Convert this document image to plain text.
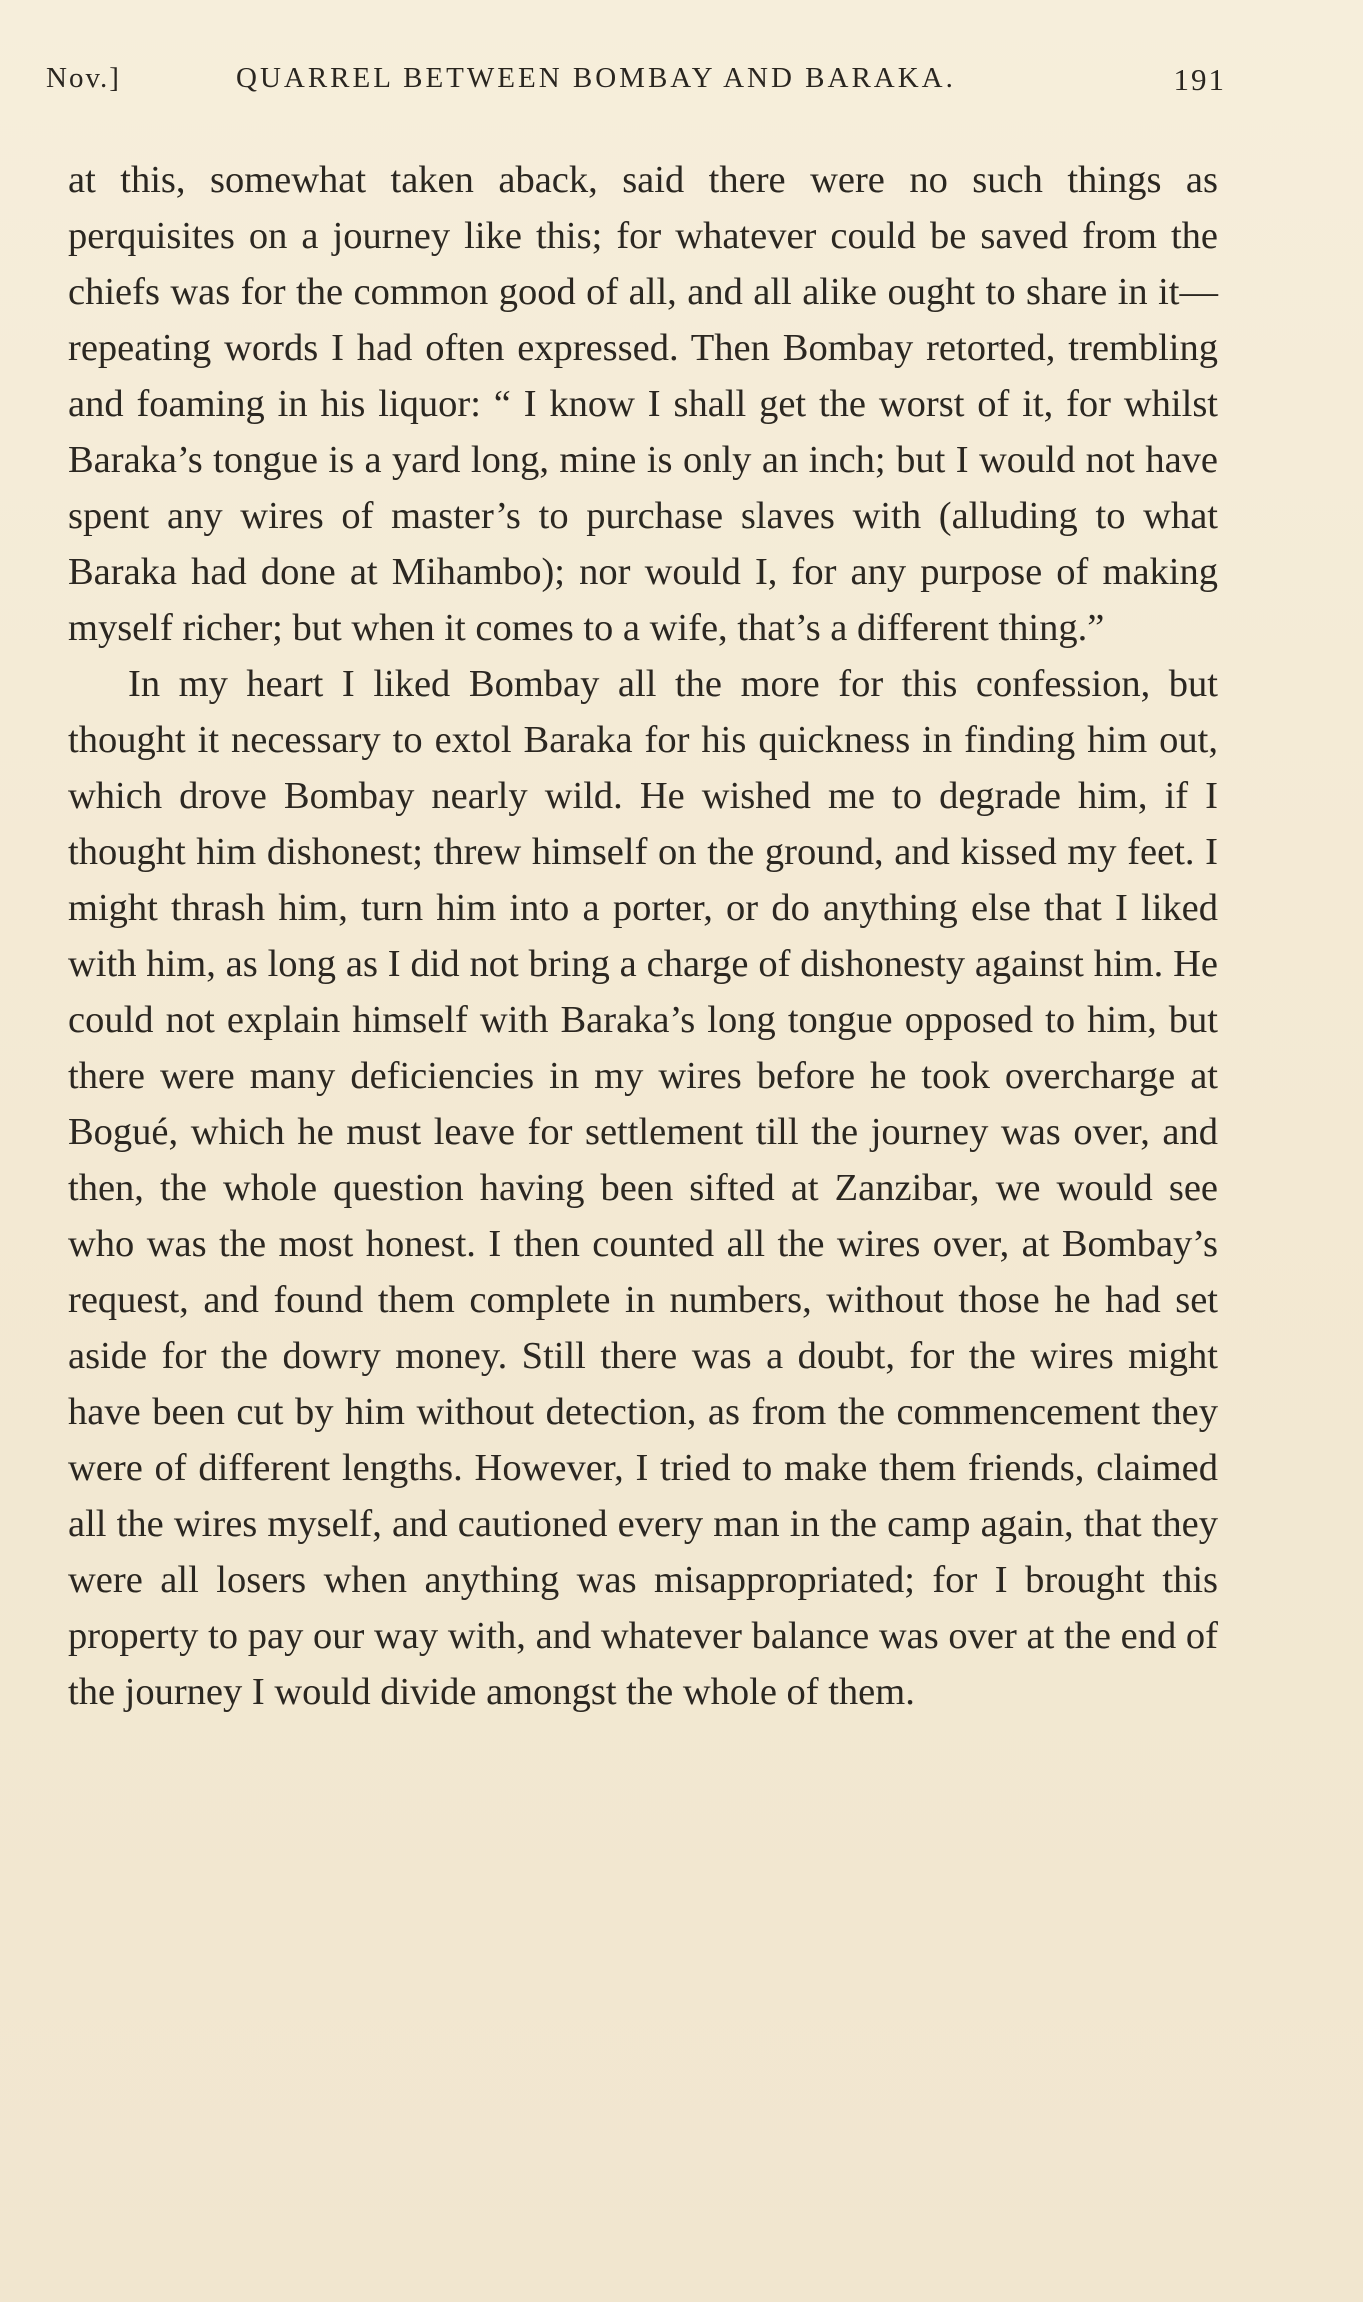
Nov.]	QUARREL BETWEEN BOMBAY AND BARAKA.	191

at this, somewhat taken aback, said there were no such things as perquisites on a journey like this; for whatever could be saved from the chiefs was for the common good of all, and all alike ought to share in it—repeating words I had often expressed. Then Bombay retorted, trembling and foaming in his liquor: “ I know I shall get the worst of it, for whilst Baraka’s tongue is a yard long, mine is only an inch; but I would not have spent any wires of master’s to purchase slaves with (alluding to what Baraka had done at Mihambo); nor would I, for any purpose of making myself richer; but when it comes to a wife, that’s a different thing.”

In my heart I liked Bombay all the more for this confession, but thought it necessary to extol Baraka for his quickness in finding him out, which drove Bombay nearly wild. He wished me to degrade him, if I thought him dishonest; threw himself on the ground, and kissed my feet. I might thrash him, turn him into a porter, or do anything else that I liked with him, as long as I did not bring a charge of dishonesty against him. He could not explain himself with Baraka’s long tongue opposed to him, but there were many deficiencies in my wires before he took overcharge at Bogué, which he must leave for settlement till the journey was over, and then, the whole question having been sifted at Zanzibar, we would see who was the most honest. I then counted all the wires over, at Bombay’s request, and found them complete in numbers, without those he had set aside for the dowry money. Still there was a doubt, for the wires might have been cut by him without detection, as from the commencement they were of different lengths. However, I tried to make them friends, claimed all the wires myself, and cautioned every man in the camp again, that they were all losers when anything was misappropriated; for I brought this property to pay our way with, and whatever balance was over at the end of the journey I would divide amongst the whole of them.
